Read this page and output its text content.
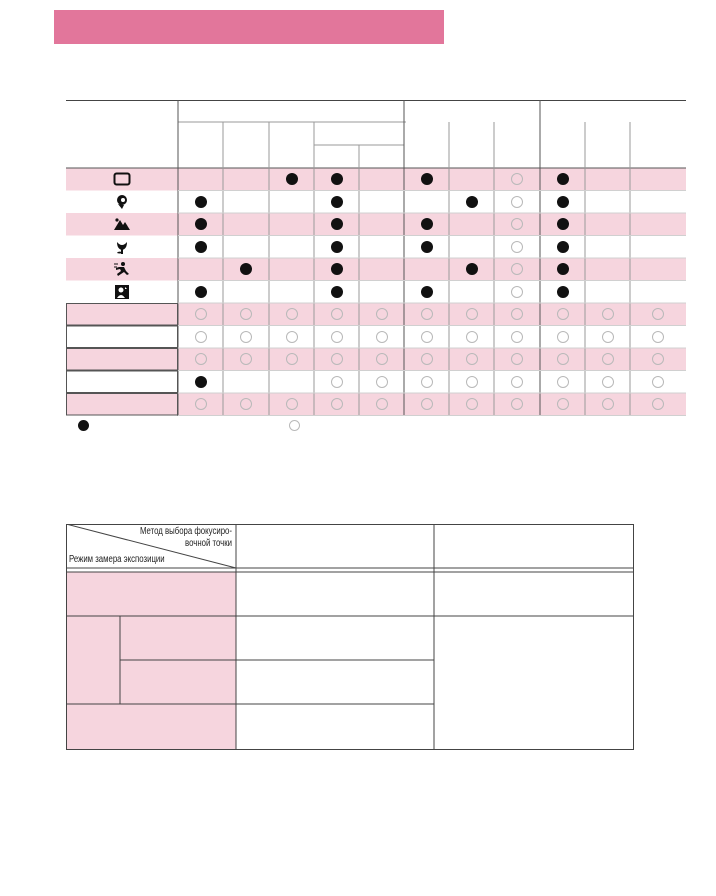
Метод выбора фокусиро-
вочной точки
Режим замера экспозиции
